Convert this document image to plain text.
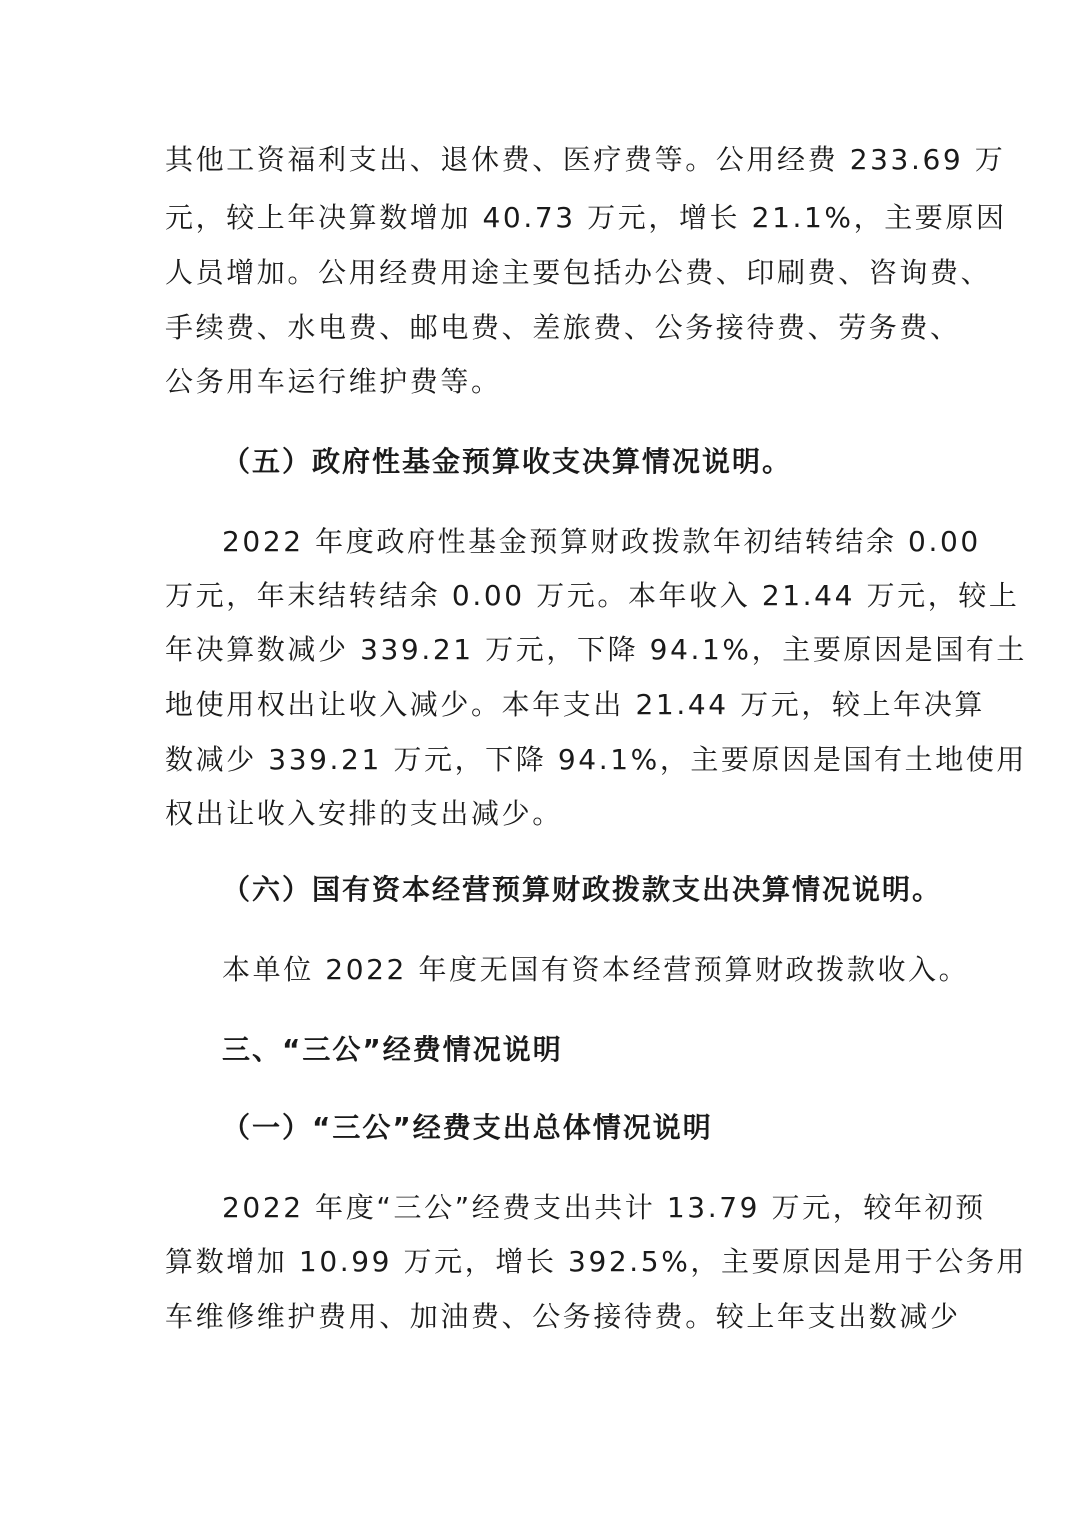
其他工资福利支出、退休费、医疗费等。公用经费 233.69 万
元，较上年决算数增加 40.73 万元，增长 21.1%，主要原因
人员增加。公用经费用途主要包括办公费、印刷费、咨询费、
手续费、水电费、邮电费、差旅费、公务接待费、劳务费、
公务用车运行维护费等。
（五）政府性基金预算收支决算情况说明。
2022 年度政府性基金预算财政拨款年初结转结余 0.00
万元，年末结转结余 0.00 万元。本年收入 21.44 万元，较上
年决算数减少 339.21 万元，下降 94.1%，主要原因是国有土
地使用权出让收入减少。本年支出 21.44 万元，较上年决算
数减少 339.21 万元，下降 94.1%，主要原因是国有土地使用
权出让收入安排的支出减少。
（六）国有资本经营预算财政拨款支出决算情况说明。
本单位 2022 年度无国有资本经营预算财政拨款收入。
三、“三公”经费情况说明
（一）“三公”经费支出总体情况说明
2022 年度“三公”经费支出共计 13.79 万元，较年初预
算数增加 10.99 万元，增长 392.5%，主要原因是用于公务用
车维修维护费用、加油费、公务接待费。较上年支出数减少
